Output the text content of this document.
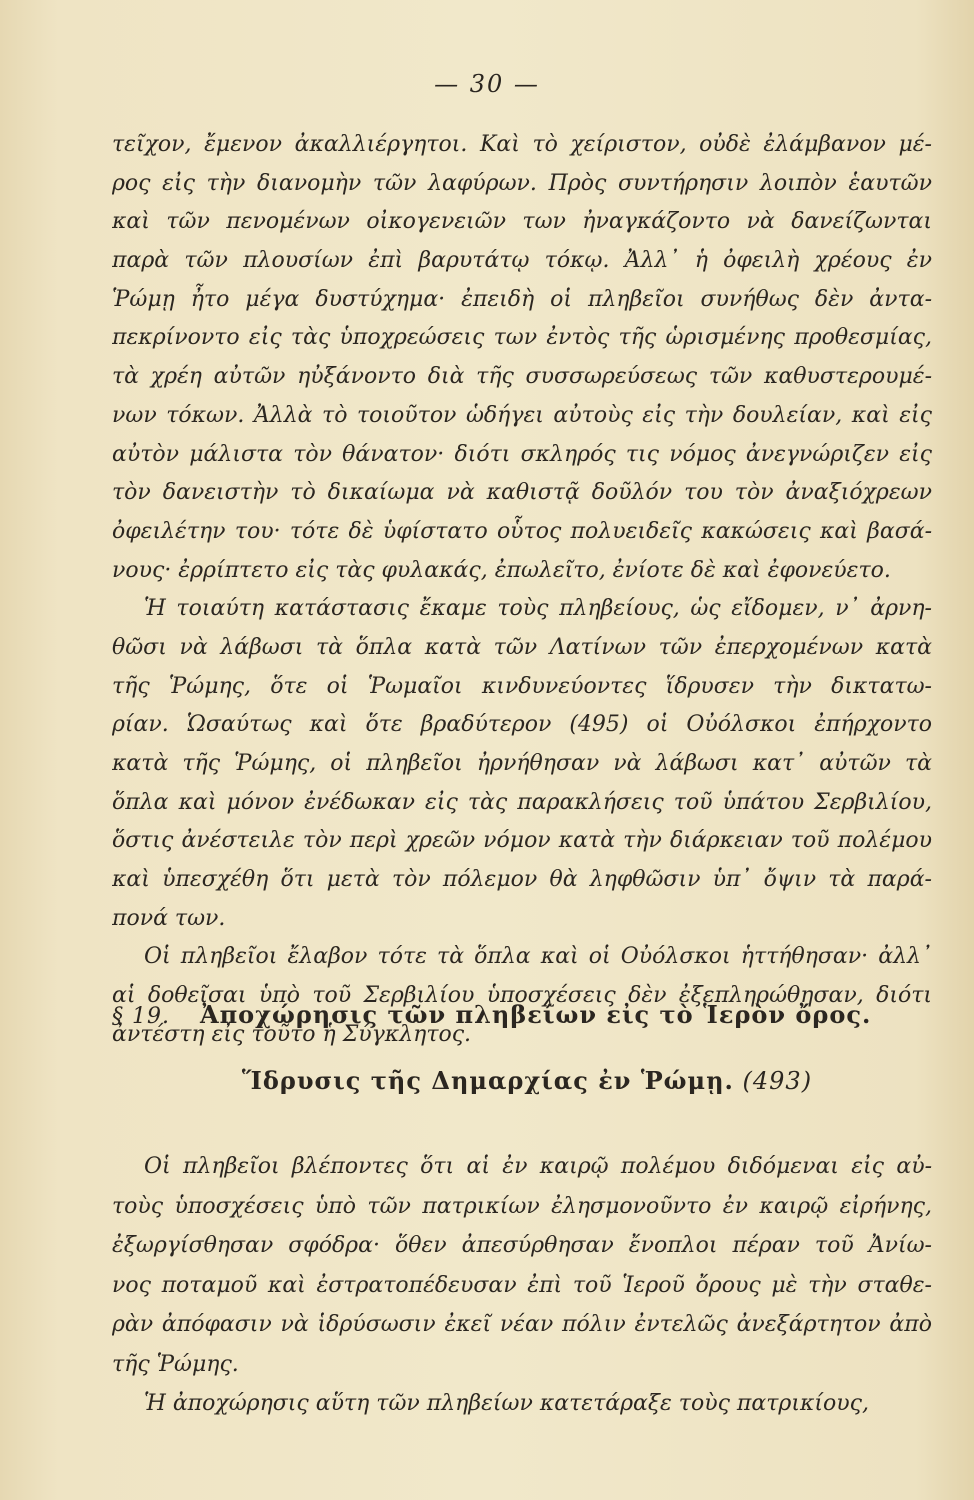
— 30 —
τεῖχον, ἔμενον ἀκαλλιέργητοι. Καὶ τὸ χείριστον, οὐδὲ ἐλάμβανον μέ-
ρος εἰς τὴν διανομὴν τῶν λαφύρων. Πρὸς συντήρησιν λοιπὸν ἑαυτῶν
καὶ τῶν πενομένων οἰκογενειῶν των ἠναγκάζοντο νὰ δανείζωνται
παρὰ τῶν πλουσίων ἐπὶ βαρυτάτῳ τόκῳ. Ἀλλ᾽ ἡ ὀφειλὴ χρέους ἐν
Ῥώμῃ ἦτο μέγα δυστύχημα· ἐπειδὴ οἱ πληβεῖοι συνήθως δὲν ἀντα-
πεκρίνοντο εἰς τὰς ὑποχρεώσεις των ἐντὸς τῆς ὡρισμένης προθεσμίας,
τὰ χρέη αὐτῶν ηὐξάνοντο διὰ τῆς συσσωρεύσεως τῶν καθυστερουμέ-
νων τόκων. Ἀλλὰ τὸ τοιοῦτον ὡδήγει αὐτοὺς εἰς τὴν δουλείαν, καὶ εἰς
αὐτὸν μάλιστα τὸν θάνατον· διότι σκληρός τις νόμος ἀνεγνώριζεν εἰς
τὸν δανειστὴν τὸ δικαίωμα νὰ καθιστᾷ δοῦλόν του τὸν ἀναξιόχρεων
ὀφειλέτην του· τότε δὲ ὑφίστατο οὗτος πολυειδεῖς κακώσεις καὶ βασά-
νους· ἐρρίπτετο εἰς τὰς φυλακάς, ἐπωλεῖτο, ἐνίοτε δὲ καὶ ἐφονεύετο.
Ἡ τοιαύτη κατάστασις ἔκαμε τοὺς πληβείους, ὡς εἴδομεν, ν᾽ ἀρνη-
θῶσι νὰ λάβωσι τὰ ὅπλα κατὰ τῶν Λατίνων τῶν ἐπερχομένων κατὰ
τῆς Ῥώμης, ὅτε οἱ Ῥωμαῖοι κινδυνεύοντες ἵδρυσεν τὴν δικτατω-
ρίαν. Ὡσαύτως καὶ ὅτε βραδύτερον (495) οἱ Οὐόλσκοι ἐπήρχοντο
κατὰ τῆς Ῥώμης, οἱ πληβεῖοι ἠρνήθησαν νὰ λάβωσι κατ᾽ αὐτῶν τὰ
ὅπλα καὶ μόνον ἐνέδωκαν εἰς τὰς παρακλήσεις τοῦ ὑπάτου Σερβιλίου,
ὅστις ἀνέστειλε τὸν περὶ χρεῶν νόμον κατὰ τὴν διάρκειαν τοῦ πολέμου
καὶ ὑπεσχέθη ὅτι μετὰ τὸν πόλεμον θὰ ληφθῶσιν ὑπ᾽ ὄψιν τὰ παρά-
πονά των.
Οἱ πληβεῖοι ἔλαβον τότε τὰ ὅπλα καὶ οἱ Οὐόλσκοι ἡττήθησαν· ἀλλ᾽
αἱ δοθεῖσαι ὑπὸ τοῦ Σερβιλίου ὑποσχέσεις δὲν ἐξεπληρώθησαν, διότι
ἀντέστη εἰς τοῦτο ἡ Σύγκλητος.
§ 19. Ἀποχώρησις τῶν πληβείων εἰς τὸ Ἱερὸν ὄρος.
Ἵδρυσις τῆς Δημαρχίας ἐν Ῥώμῃ. (493)
Οἱ πληβεῖοι βλέποντες ὅτι αἱ ἐν καιρῷ πολέμου διδόμεναι εἰς αὐ-
τοὺς ὑποσχέσεις ὑπὸ τῶν πατρικίων ἐλησμονοῦντο ἐν καιρῷ εἰρήνης,
ἐξωργίσθησαν σφόδρα· ὅθεν ἀπεσύρθησαν ἔνοπλοι πέραν τοῦ Ἀνίω-
νος ποταμοῦ καὶ ἐστρατοπέδευσαν ἐπὶ τοῦ Ἱεροῦ ὄρους μὲ τὴν σταθε-
ρὰν ἀπόφασιν νὰ ἱδρύσωσιν ἐκεῖ νέαν πόλιν ἐντελῶς ἀνεξάρτητον ἀπὸ
τῆς Ῥώμης.
Ἡ ἀποχώρησις αὕτη τῶν πληβείων κατετάραξε τοὺς πατρικίους,
